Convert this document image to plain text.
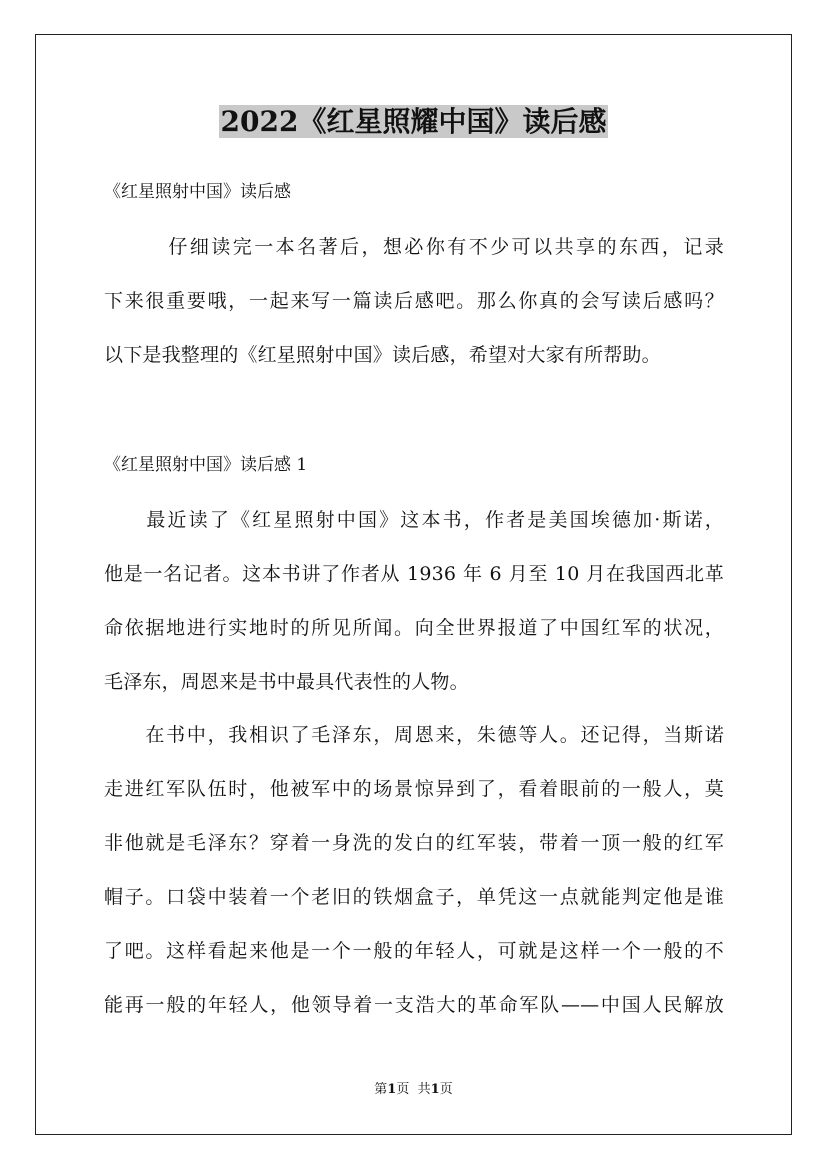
2022《红星照耀中国》读后感
《红星照射中国》读后感
　　　仔细读完一本名著后，想必你有不少可以共享的东西，记录
下来很重要哦，一起来写一篇读后感吧。那么你真的会写读后感吗？
以下是我整理的《红星照射中国》读后感，希望对大家有所帮助。
《红星照射中国》读后感 1
　　最近读了《红星照射中国》这本书，作者是美国埃德加·斯诺，
他是一名记者。这本书讲了作者从 1936 年 6 月至 10 月在我国西北革
命依据地进行实地时的所见所闻。向全世界报道了中国红军的状况，
毛泽东，周恩来是书中最具代表性的人物。
　　在书中，我相识了毛泽东，周恩来，朱德等人。还记得，当斯诺
走进红军队伍时，他被军中的场景惊异到了，看着眼前的一般人，莫
非他就是毛泽东？穿着一身洗的发白的红军装，带着一顶一般的红军
帽子。口袋中装着一个老旧的铁烟盒子，单凭这一点就能判定他是谁
了吧。这样看起来他是一个一般的年轻人，可就是这样一个一般的不
能再一般的年轻人，他领导着一支浩大的革命军队——中国人民解放
第1页 共1页
